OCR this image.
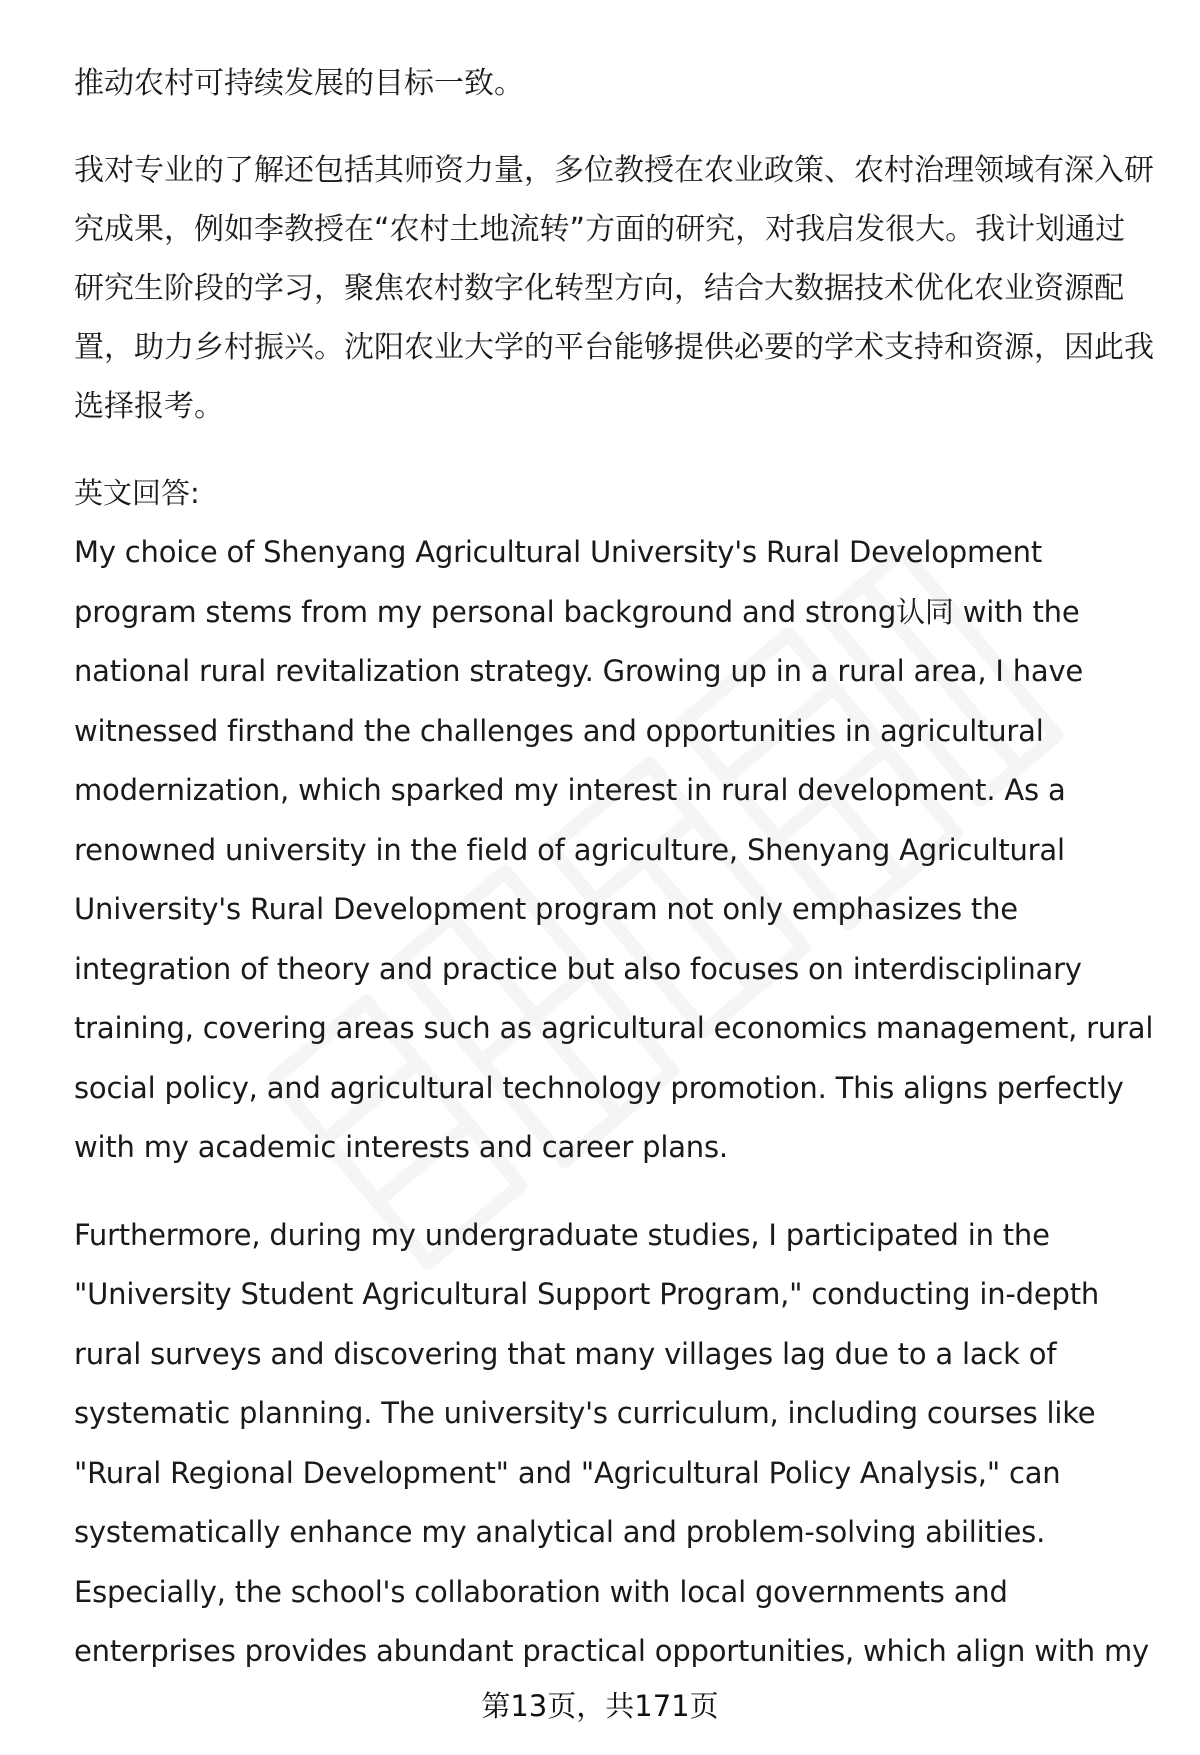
推动农村可持续发展的目标一致。

我对专业的了解还包括其师资力量，多位教授在农业政策、农村治理领域有深入研究成果，例如李教授在“农村土地流转”方面的研究，对我启发很大。我计划通过研究生阶段的学习，聚焦农村数字化转型方向，结合大数据技术优化农业资源配置，助力乡村振兴。沈阳农业大学的平台能够提供必要的学术支持和资源，因此我选择报考。

英文回答:

My choice of Shenyang Agricultural University's Rural Development program stems from my personal background and strong认同 with the national rural revitalization strategy. Growing up in a rural area, I have witnessed firsthand the challenges and opportunities in agricultural modernization, which sparked my interest in rural development. As a renowned university in the field of agriculture, Shenyang Agricultural University's Rural Development program not only emphasizes the integration of theory and practice but also focuses on interdisciplinary training, covering areas such as agricultural economics management, rural social policy, and agricultural technology promotion. This aligns perfectly with my academic interests and career plans.

Furthermore, during my undergraduate studies, I participated in the "University Student Agricultural Support Program," conducting in-depth rural surveys and discovering that many villages lag due to a lack of systematic planning. The university's curriculum, including courses like "Rural Regional Development" and "Agricultural Policy Analysis," can systematically enhance my analytical and problem-solving abilities. Especially, the school's collaboration with local governments and enterprises provides abundant practical opportunities, which align with my

第13页，共171页
